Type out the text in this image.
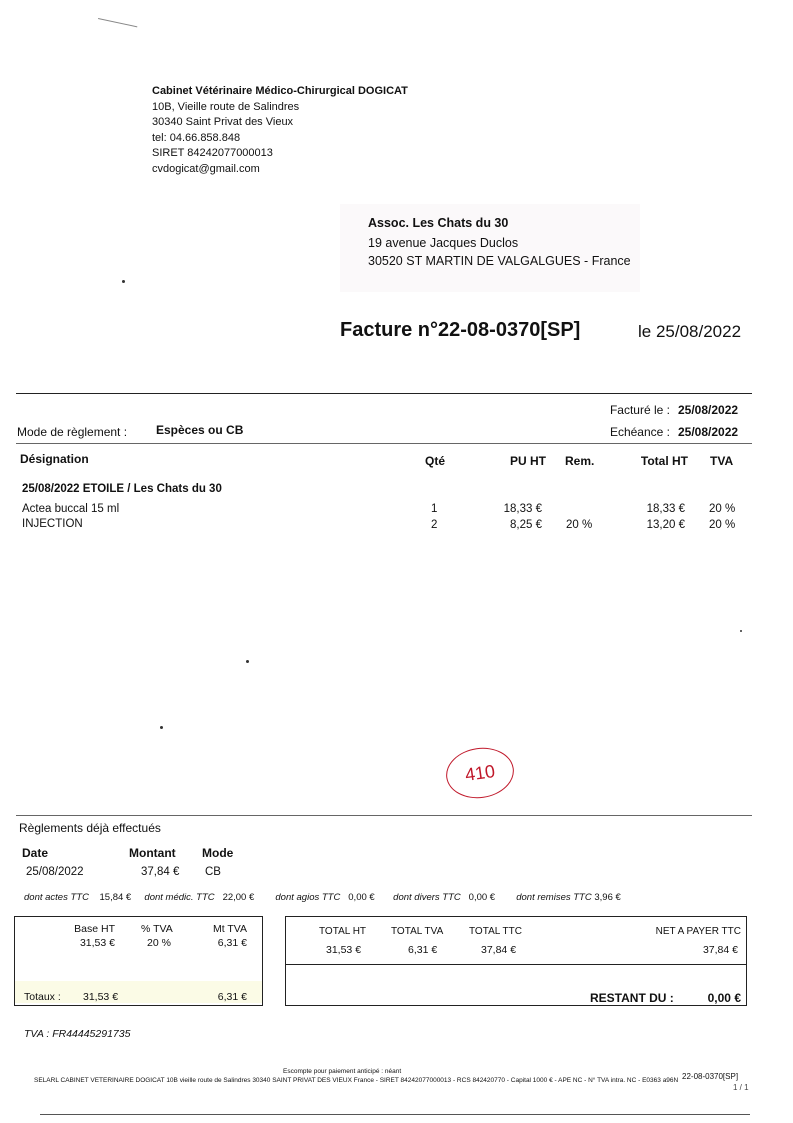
Cabinet Vétérinaire Médico-Chirurgical DOGICAT
10B, Vieille route de Salindres
30340 Saint Privat des Vieux
tel: 04.66.858.848
SIRET 84242077000013
cvdogicat@gmail.com
Assoc. Les Chats du 30
19 avenue Jacques Duclos
30520 ST MARTIN DE VALGALGUES - France
Facture n°22-08-0370[SP]	le 25/08/2022
Facturé le : 25/08/2022
Echéance : 25/08/2022
Mode de règlement : Espèces ou CB
Désignation	Qté	PU HT Rem.	Total HT TVA
25/08/2022 ETOILE / Les Chats du 30
Actea buccal 15 ml	1	18,33 €	18,33 € 20 %
INJECTION	2	8,25 € 20 %	13,20 € 20 %
410
Règlements déjà effectués
Date	Montant Mode
25/08/2022	37,84 € CB
dont actes TTC 15,84 € dont médic. TTC 22,00 € dont agios TTC 0,00 € dont divers TTC 0,00 € dont remises TTC 3,96 €
Base HT % TVA	Mt TVA
31,53 €	20 %	6,31 €
Totaux : 31,53 €	6,31 €
TOTAL HT TOTAL TVA	TOTAL TTC	NET A PAYER TTC
31,53 €	6,31 €	37,84 €	37,84 €
RESTANT DU :	0,00 €
TVA : FR44445291735
Escompte pour paiement anticipé : néant
SELARL CABINET VETERINAIRE DOGICAT 10B vieille route de Salindres 30340 SAINT PRIVAT DES VIEUX France - SIRET 84242077000013 - RCS 842420770 - Capital 1000 € - APE NC - N° TVA intra. NC - E0363 a96N 22-08-0370[SP]
1 / 1
